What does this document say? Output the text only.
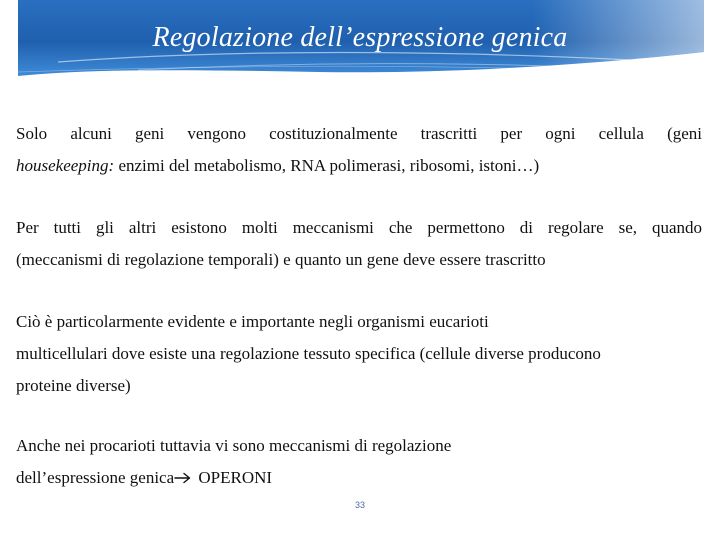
Regolazione dell’espressione genica
Solo alcuni geni vengono costituzionalmente trascritti per ogni cellula (geni
housekeeping: enzimi del metabolismo, RNA polimerasi, ribosomi, istoni…)
Per tutti gli altri esistono molti meccanismi che permettono di regolare se, quando
(meccanismi di regolazione temporali) e quanto un gene deve essere trascritto
Ciò è particolarmente evidente e importante negli organismi eucarioti
multicellulari dove esiste una regolazione tessuto specifica (cellule diverse producono
proteine diverse)
Anche nei procarioti tuttavia vi sono meccanismi di regolazione
dell’espressione genica OPERONI
33
